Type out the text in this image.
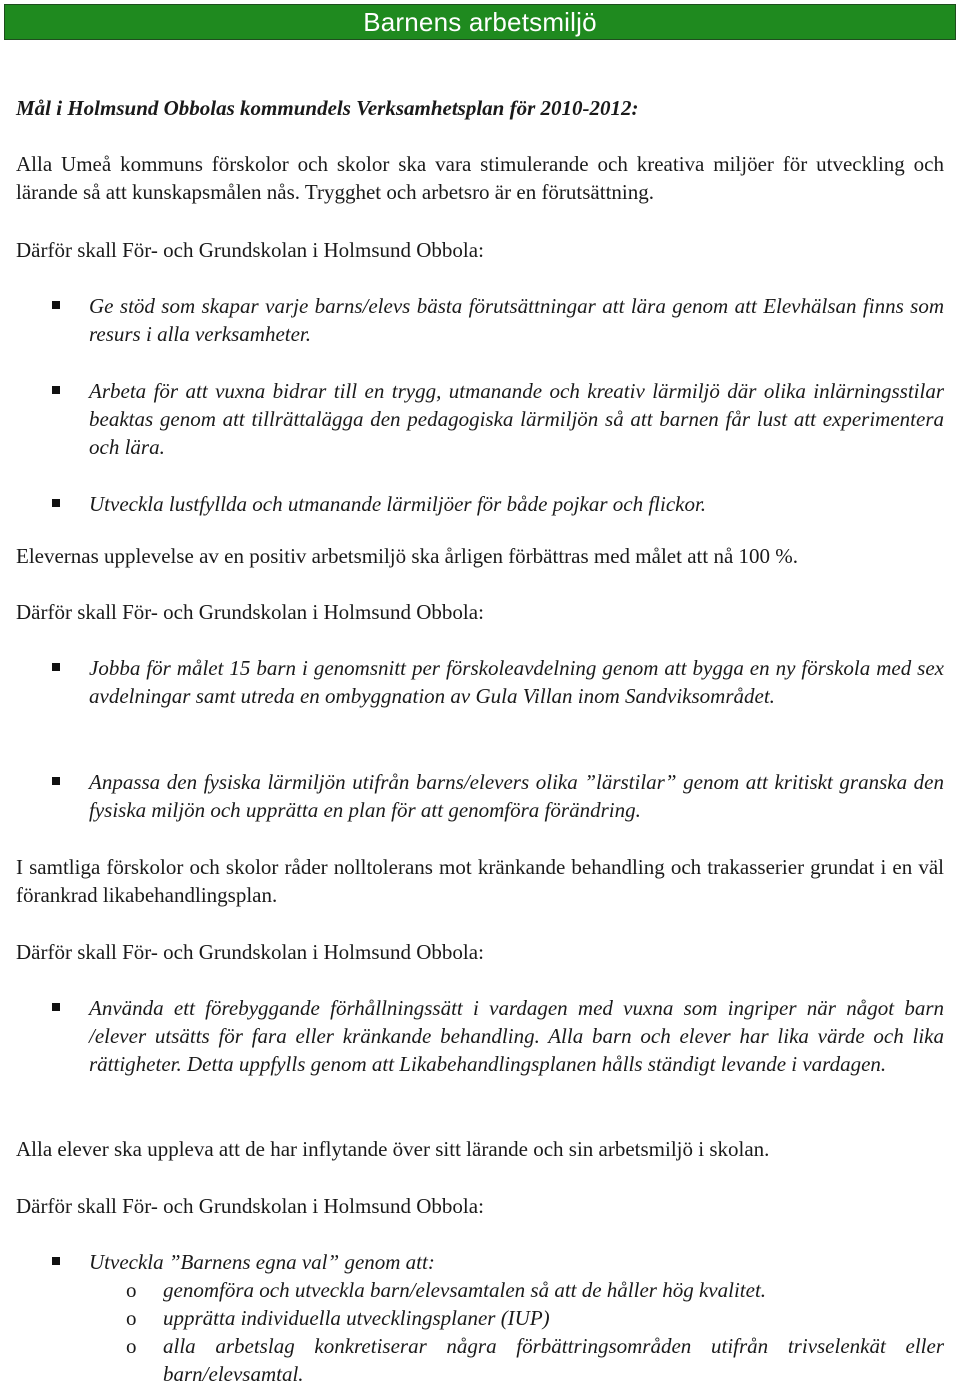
Barnens arbetsmiljö
Mål i Holmsund Obbolas kommundels Verksamhetsplan för 2010-2012:

Alla Umeå kommuns förskolor och skolor ska vara stimulerande och kreativa miljöer för utveckling och lärande så att kunskapsmålen nås. Trygghet och arbetsro är en förutsättning.

Därför skall För- och Grundskolan i Holmsund Obbola:

Ge stöd som skapar varje barns/elevs bästa förutsättningar att lära genom att Elevhälsan finns som resurs i alla verksamheter.
Arbeta för att vuxna bidrar till en trygg, utmanande och kreativ lärmiljö där olika inlärningsstilar beaktas genom att tillrättalägga den pedagogiska lärmiljön så att barnen får lust att experimentera och lära.
Utveckla lustfyllda och utmanande lärmiljöer för både pojkar och flickor.

Elevernas upplevelse av en positiv arbetsmiljö ska årligen förbättras med målet att nå 100 %.

Därför skall För- och Grundskolan i Holmsund Obbola:

Jobba för målet 15 barn i genomsnitt per förskoleavdelning genom att bygga en ny förskola med sex avdelningar samt utreda en ombyggnation av Gula Villan inom Sandviksområdet.
Anpassa den fysiska lärmiljön utifrån barns/elevers olika ”lärstilar” genom att kritiskt granska den fysiska miljön och upprätta en plan för att genomföra förändring.

I samtliga förskolor och skolor råder nolltolerans mot kränkande behandling och trakasserier grundat i en väl förankrad likabehandlingsplan.

Därför skall För- och Grundskolan i Holmsund Obbola:

Använda ett förebyggande förhållningssätt i vardagen med vuxna som ingriper när något barn /elever utsätts för fara eller kränkande behandling. Alla barn och elever har lika värde och lika rättigheter. Detta uppfylls genom att Likabehandlingsplanen hålls ständigt levande i vardagen.

Alla elever ska uppleva att de har inflytande över sitt lärande och sin arbetsmiljö i skolan.

Därför skall För- och Grundskolan i Holmsund Obbola:

Utveckla ”Barnens egna val” genom att:
o genomföra och utveckla barn/elevsamtalen så att de håller hög kvalitet.
o upprätta individuella utvecklingsplaner (IUP)
o alla arbetslag konkretiserar några förbättringsområden utifrån trivselenkät eller barn/elevsamtal.
